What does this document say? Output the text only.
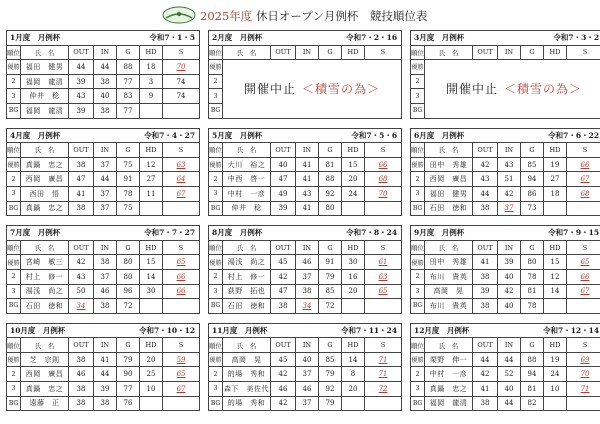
2025年度 休日オープン月例杯　競技順位表
1月度　月例杯 令和7・1・5						

順位	氏　名	OUT	IN	G	HD	S
優勝	福田　健男	44	44	88	18	70
2	福岡　龍清	39	38	77	3	74
3	仲井　稔	43	40	83	9	74
BG	福岡　龍清	39	38	77		
2月度　月例杯 令和7・2・16						

順位	氏　名	OUT	IN	G	HD	S
優勝	開催中止 ＜積雪の為＞					
2						
3						
BG						
3月度　月例杯 令和7・3・2						

順位	氏　名	OUT	IN	G	HD	S
優勝	開催中止 ＜積雪の為＞					
2						
3						
BG						
4月度　月例杯 令和7・4・27						

順位	氏　名	OUT	IN	G	HD	S
優勝	真鍋　忠之	38	37	75	12	63
2	西岡　廣昌	47	44	91	27	64
3	西田　悟	41	37	78	11	67
BG	真鍋　忠之	38	37	75		
5月度　月例杯 令和7・5・6						

順位	氏　名	OUT	IN	G	HD	S
優勝	大川　裕之	40	41	81	15	66
2	中西　啓一	47	41	88	20	68
3	中村　一彦	49	43	92	24	70
BG	仲井　稔	39	41	80		
6月度　月例杯 令和7・6・22						

順位	氏　名	OUT	IN	G	HD	S
優勝	田中　秀雄	42	43	85	19	66
2	西岡　廣昌	43	51	94	27	67
3	福田　健男	44	42	86	18	68
BG	石田　徳和	38	37	73		
7月度　月例杯 令和7・7・27						

順位	氏　名	OUT	IN	G	HD	S
優勝	宮崎　敏三	42	38	80	15	65
2	村上　修一	43	37	80	14	66
3	湯浅　尚之	50	46	96	30	66
BG	石田　徳和	34	38	72		
8月度　月例杯 令和7・8・24						

順位	氏　名	OUT	IN	G	HD	S
優勝	湯浅　尚之	45	46	91	30	61
2	村上　修一	42	37	79	16	63
3	荻野　拓也	47	38	85	20	65
BG	石田　徳和	38	34	72		
9月度　月例杯 令和7・9・15						

順位	氏　名	OUT	IN	G	HD	S
優勝	田中　秀雄	41	39	80	15	65
2	布川　貴英	38	40	78	12	66
3	高岡　晃	39	42	81	14	67
BG	布川　貴英	38	40	78		
10月度　月例杯 令和7・10・12						

順位	氏　名	OUT	IN	G	HD	S
優勝	芝　宗則	38	41	79	20	59
2	西岡　廣昌	46	44	90	25	65
3	真鍋　忠之	38	39	77	10	67
BG	遠藤　正	38	38	76		
11月度　月例杯 令和7・11・24						

順位	氏　名	OUT	IN	G	HD	S
優勝	高岡　晃	45	40	85	14	71
2	的場　秀和	42	37	79	8	71
3	森下　美佐代	46	46	92	20	72
BG	的場　秀和	42	37	79		
12月度　月例杯 令和7・12・14						

順位	氏　名	OUT	IN	G	HD	S
優勝	栗野　伸一	44	44	88	19	69
2	中村　一彦	42	52	94	24	70
3	真鍋　忠之	41	40	81	10	71
BG	福岡　龍清	38	44	82		
